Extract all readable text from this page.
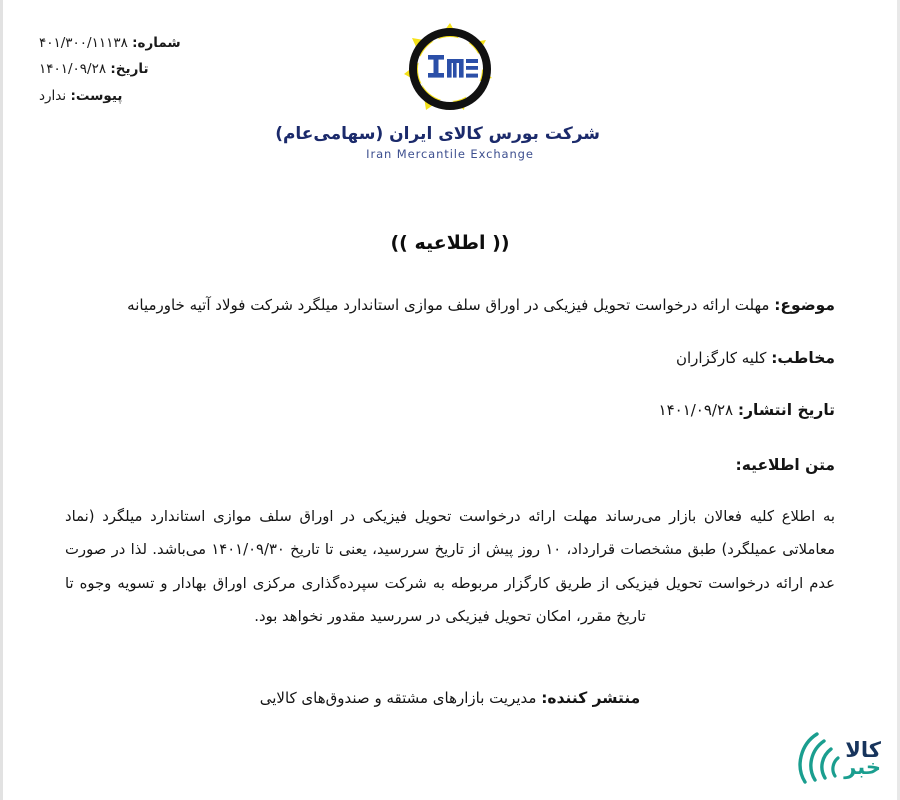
شماره: ۴۰۱/۳۰۰/۱۱۱۳۸
تاریخ: ۱۴۰۱/۰۹/۲۸
پیوست: ندارد
شرکت بورس کالای ایران (سهامی‌عام)
Iran Mercantile Exchange
(( اطلاعیه ))
موضوع: مهلت ارائه درخواست تحویل فیزیکی در اوراق سلف موازی استاندارد میلگرد شرکت فولاد آتیه خاورمیانه
مخاطب: کلیه کارگزاران
تاریخ انتشار: ۱۴۰۱/۰۹/۲۸
متن اطلاعیه:

به اطلاع کلیه فعالان بازار می‌رساند مهلت ارائه درخواست تحویل فیزیکی در اوراق سلف موازی استاندارد میلگرد (نماد معاملاتی عمیلگرد) طبق مشخصات قرارداد، ۱۰ روز پیش از تاریخ سررسید، یعنی تا تاریخ ۱۴۰۱/۰۹/۳۰ می‌باشد. لذا در صورت عدم ارائه درخواست تحویل فیزیکی از طریق کارگزار مربوطه به شرکت سپرده‌گذاری مرکزی اوراق بهادار و تسویه وجوه تا تاریخ مقرر، امکان تحویل فیزیکی در سررسید مقدور نخواهد بود.

منتشر کننده: مدیریت بازارهای مشتقه و صندوق‌های کالایی
کالا
خبر
